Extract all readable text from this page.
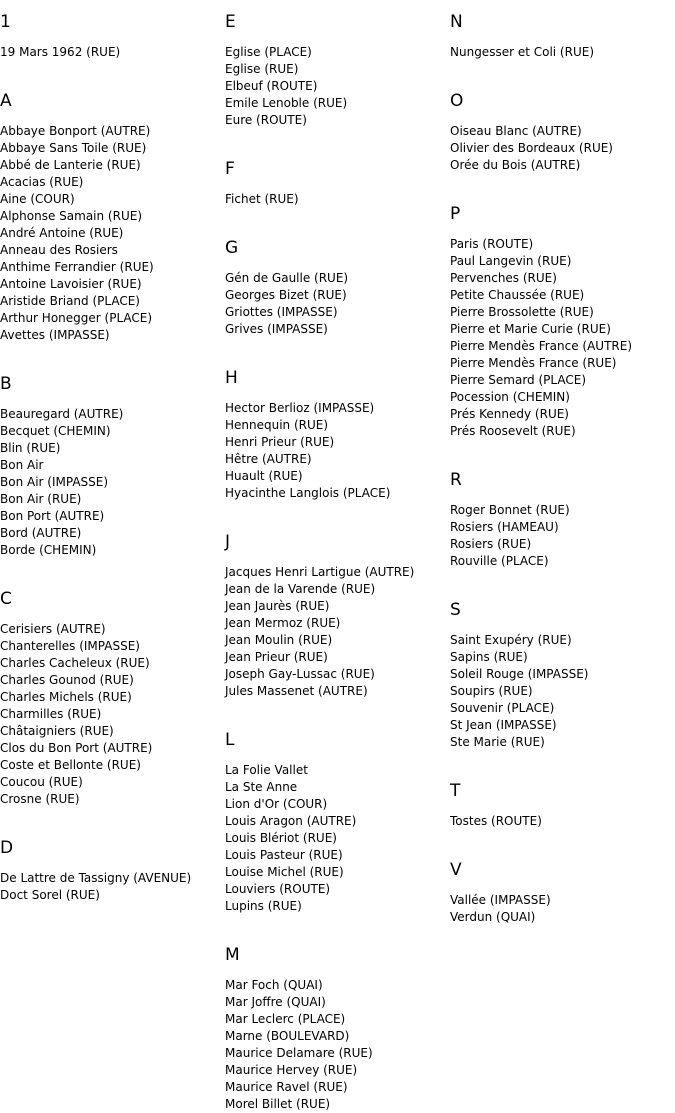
1
19 Mars 1962 (RUE)
A
Abbaye Bonport (AUTRE)
Abbaye Sans Toile (RUE)
Abbé de Lanterie (RUE)
Acacias (RUE)
Aine (COUR)
Alphonse Samain (RUE)
André Antoine (RUE)
Anneau des Rosiers
Anthime Ferrandier (RUE)
Antoine Lavoisier (RUE)
Aristide Briand (PLACE)
Arthur Honegger (PLACE)
Avettes (IMPASSE)
B
Beauregard (AUTRE)
Becquet (CHEMIN)
Blin (RUE)
Bon Air
Bon Air (IMPASSE)
Bon Air (RUE)
Bon Port (AUTRE)
Bord (AUTRE)
Borde (CHEMIN)
C
Cerisiers (AUTRE)
Chanterelles (IMPASSE)
Charles Cacheleux (RUE)
Charles Gounod (RUE)
Charles Michels (RUE)
Charmilles (RUE)
Châtaigniers (RUE)
Clos du Bon Port (AUTRE)
Coste et Bellonte (RUE)
Coucou (RUE)
Crosne (RUE)
D
De Lattre de Tassigny (AVENUE)
Doct Sorel (RUE)
E
Eglise (PLACE)
Eglise (RUE)
Elbeuf (ROUTE)
Emile Lenoble (RUE)
Eure (ROUTE)
F
Fichet (RUE)
G
Gén de Gaulle (RUE)
Georges Bizet (RUE)
Griottes (IMPASSE)
Grives (IMPASSE)
H
Hector Berlioz (IMPASSE)
Hennequin (RUE)
Henri Prieur (RUE)
Hêtre (AUTRE)
Huault (RUE)
Hyacinthe Langlois (PLACE)
J
Jacques Henri Lartigue (AUTRE)
Jean de la Varende (RUE)
Jean Jaurès (RUE)
Jean Mermoz (RUE)
Jean Moulin (RUE)
Jean Prieur (RUE)
Joseph Gay-Lussac (RUE)
Jules Massenet (AUTRE)
L
La Folie Vallet
La Ste Anne
Lion d'Or (COUR)
Louis Aragon (AUTRE)
Louis Blériot (RUE)
Louis Pasteur (RUE)
Louise Michel (RUE)
Louviers (ROUTE)
Lupins (RUE)
M
Mar Foch (QUAI)
Mar Joffre (QUAI)
Mar Leclerc (PLACE)
Marne (BOULEVARD)
Maurice Delamare (RUE)
Maurice Hervey (RUE)
Maurice Ravel (RUE)
Morel Billet (RUE)
N
Nungesser et Coli (RUE)
O
Oiseau Blanc (AUTRE)
Olivier des Bordeaux (RUE)
Orée du Bois (AUTRE)
P
Paris (ROUTE)
Paul Langevin (RUE)
Pervenches (RUE)
Petite Chaussée (RUE)
Pierre Brossolette (RUE)
Pierre et Marie Curie (RUE)
Pierre Mendès France (AUTRE)
Pierre Mendès France (RUE)
Pierre Semard (PLACE)
Pocession (CHEMIN)
Prés Kennedy (RUE)
Prés Roosevelt (RUE)
R
Roger Bonnet (RUE)
Rosiers (HAMEAU)
Rosiers (RUE)
Rouville (PLACE)
S
Saint Exupéry (RUE)
Sapins (RUE)
Soleil Rouge (IMPASSE)
Soupirs (RUE)
Souvenir (PLACE)
St Jean (IMPASSE)
Ste Marie (RUE)
T
Tostes (ROUTE)
V
Vallée (IMPASSE)
Verdun (QUAI)
